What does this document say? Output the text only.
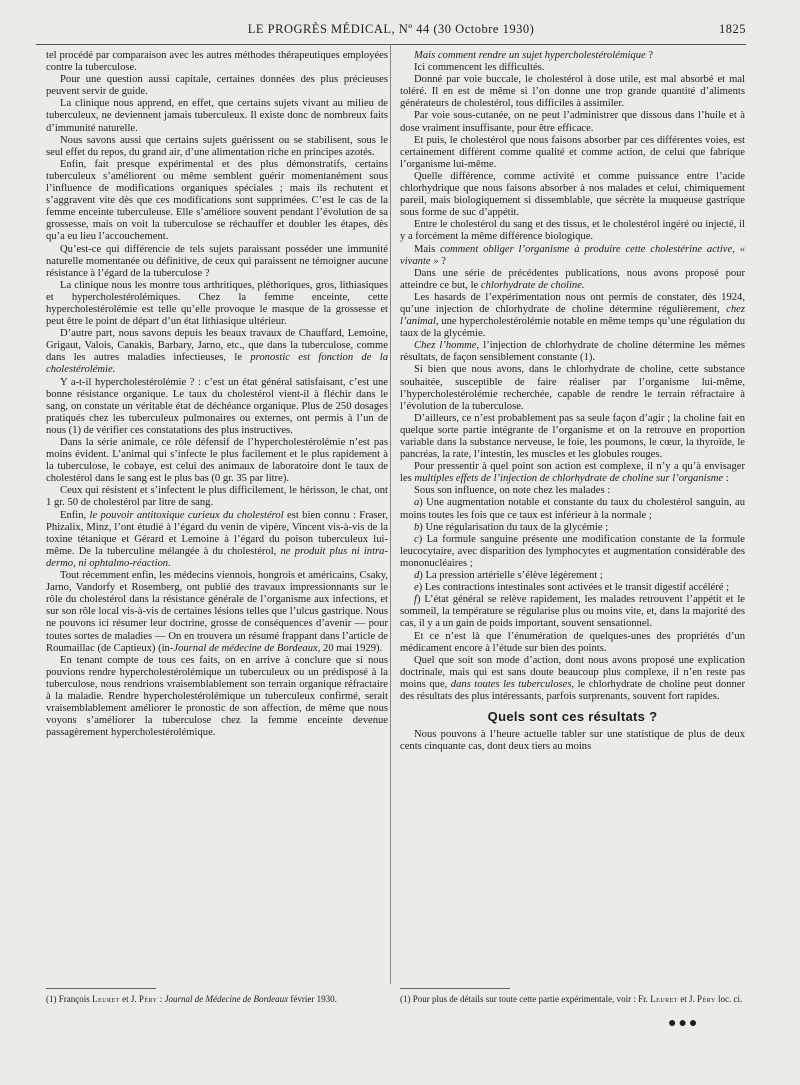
LE PROGRÈS MÉDICAL, Nº 44 (30 Octobre 1930)	1825

tel procédé par comparaison avec les autres méthodes thérapeutiques employées contre la tuberculose.

Pour une question aussi capitale, certaines données des plus précieuses peuvent servir de guide.

La clinique nous apprend, en effet, que certains sujets vivant au milieu de tuberculeux, ne deviennent jamais tuberculeux. Il existe donc de nombreux faits d’immunité naturelle.

Nous savons aussi que certains sujets guérissent ou se stabilisent, sous le seul effet du repos, du grand air, d’une alimentation riche en principes azotés.

Enfin, fait presque expérimental et des plus démonstratifs, certains tuberculeux s’améliorent ou même semblent guérir momentanément sous l’influence de modifications organiques spéciales ; mais ils rechutent et s’aggravent vite dès que ces modifications sont supprimées. C’est le cas de la femme enceinte tuberculeuse. Elle s’améliore souvent pendant l’évolution de sa grossesse, mais on voit la tuberculose se réchauffer et doubler les étapes, dès qu’a eu lieu l’accouchement.

Qu’est-ce qui différencie de tels sujets paraissant posséder une immunité naturelle momentanée ou définitive, de ceux qui paraissent ne témoigner aucune résistance à l’égard de la tuberculose ?

La clinique nous les montre tous arthritiques, pléthoriques, gros, lithiasiques et hypercholestérolémiques. Chez la femme enceinte, cette hypercholestérolémie est telle qu’elle provoque le masque de la grossesse et peut être le point de départ d’un état lithiasique ultérieur.

D’autre part, nous savons depuis les beaux travaux de Chauffard, Lemoine, Grigaut, Valois, Canakis, Barbary, Jarno, etc., que dans la tuberculose, comme dans les autres maladies infectieuses, le pronostic est fonction de la cholestérolémie.

Y a-t-il hypercholestérolémie ? : c’est un état général satisfaisant, c’est une bonne résistance organique. Le taux du cholestérol vient-il à fléchir dans le sang, on constate un véritable état de déchéance organique. Plus de 250 dosages pratiqués chez les tuberculeux pulmonaires ou externes, ont permis à l’un de nous (1) de vérifier ces constatations des plus instructives.

Dans la série animale, ce rôle défensif de l’hypercholestérolémie n’est pas moins évident. L’animal qui s’infecte le plus facilement et le plus rapidement à la tuberculose, le cobaye, est celui des animaux de laboratoire dont le taux de cholestérol dans le sang est le plus bas (0 gr. 35 par litre).

Ceux qui résistent et s’infectent le plus difficilement, le hérisson, le chat, ont 1 gr. 50 de cholestérol par litre de sang.

Enfin, le pouvoir antitoxique curieux du cholestérol est bien connu : Fraser, Phizalix, Minz, l’ont étudié à l’égard du venin de vipère, Vincent vis-à-vis de la toxine tétanique et Gérard et Lemoine à l’égard du poison tuberculeux lui-même. De la tuberculine mélangée à du cholestérol, ne produit plus ni intra-dermo, ni ophtalmo-réaction.

Tout récemment enfin, les médecins viennois, hongrois et américains, Csaky, Jarno, Vandorfy et Rosemberg, ont publié des travaux impressionnants sur le rôle du cholestérol dans la résistance générale de l’organisme aux infections, et sur son rôle local vis-à-vis de certaines lésions telles que l’ulcus gastrique. Nous ne pouvons ici résumer leur doctrine, grosse de conséquences d’avenir — pour toutes sortes de maladies — On en trouvera un résumé frappant dans l’article de Roumaillac (de Captieux) (in-Journal de médecine de Bordeaux, 20 mai 1929).

En tenant compte de tous ces faits, on en arrive à conclure que si nous pouvions rendre hypercholestérolémique un tuberculeux ou un prédisposé à la tuberculose, nous rendrions vraisemblablement son terrain organique réfractaire à la maladie. Rendre hypercholestérolémique un tuberculeux confirmé, serait vraisemblablement améliorer le pronostic de son affection, de même que nous voyons s’améliorer la tuberculose chez la femme enceinte devenue passagèrement hypercholestérolémique.

Mais comment rendre un sujet hypercholestérolémique ?

Ici commencent les difficultés.

Donné par voie buccale, le cholestérol à dose utile, est mal absorbé et mal toléré. Il en est de même si l’on donne une trop grande quantité d’aliments générateurs de cholestérol, tous difficiles à assimiler.

Par voie sous-cutanée, on ne peut l’administrer que dissous dans l’huile et à dose vraiment insuffisante, pour être efficace.

Et puis, le cholestérol que nous faisons absorber par ces différentes voies, est certainement différent comme qualité et comme action, de celui que fabrique l’organisme lui-même.

Quelle différence, comme activité et comme puissance entre l’acide chlorhydrique que nous faisons absorber à nos malades et celui, chimiquement pareil, mais biologiquement si dissemblable, que sécrète la muqueuse gastrique sous forme de suc d’appétit.

Entre le cholestérol du sang et des tissus, et le cholestérol ingéré ou injecté, il y a forcément la même différence biologique.

Mais comment obliger l’organisme à produire cette cholestérine active, « vivante » ?

Dans une série de précédentes publications, nous avons proposé pour atteindre ce but, le chlorhydrate de choline.

Les hasards de l’expérimentation nous ont permis de constater, dès 1924, qu’une injection de chlorhydrate de choline détermine régulièrement, chez l’animal, une hypercholestérolémie notable en même temps qu’une régulation du taux de la glycémie.

Chez l’homme, l’injection de chlorhydrate de choline détermine les mêmes résultats, de façon sensiblement constante (1).

Si bien que nous avons, dans le chlorhydrate de choline, cette substance souhaitée, susceptible de faire réaliser par l’organisme lui-même, l’hypercholestérolémie recherchée, capable de rendre le terrain réfractaire à l’évolution de la tuberculose.

D’ailleurs, ce n’est probablement pas sa seule façon d’agir ; la choline fait en quelque sorte partie intégrante de l’organisme et on la retrouve en proportion variable dans la substance nerveuse, le foie, les poumons, le cœur, la thyroïde, le pancréas, la rate, l’intestin, les muscles et les globules rouges.

Pour pressentir à quel point son action est complexe, il n’y a qu’à envisager les multiples effets de l’injection de chlorhydrate de choline sur l’organisme :

Sous son influence, on note chez les malades :

a) Une augmentation notable et constante du taux du cholestérol sanguin, au moins toutes les fois que ce taux est inférieur à la normale ;

b) Une régularisation du taux de la glycémie ;

c) La formule sanguine présente une modification constante de la formule leucocytaire, avec disparition des lymphocytes et augmentation considérable des mononucléaires ;

d) La pression artérielle s’élève légèrement ;

e) Les contractions intestinales sont activées et le transit digestif accéléré ;

f) L’état général se relève rapidement, les malades retrouvent l’appétit et le sommeil, la température se régularise plus ou moins vite, et, dans la majorité des cas, il y a un gain de poids important, souvent sensationnel.

Et ce n’est là que l’énumération de quelques-unes des propriétés d’un médicament encore à l’étude sur bien des points.

Quel que soit son mode d’action, dont nous avons proposé une explication doctrinale, mais qui est sans doute beaucoup plus complexe, il n’en reste pas moins que, dans toutes les tuberculoses, le chlorhydrate de choline peut donner des résultats des plus intéressants, parfois surprenants, souvent fort rapides.

Quels sont ces résultats ?

Nous pouvons à l’heure actuelle tabler sur une statistique de plus de deux cents cinquante cas, dont deux tiers au moins

(1) François Leuret et J. Péry : Journal de Médecine de Bordeaux février 1930.	(1) Pour plus de détails sur toute cette partie expérimentale, voir : Fr. Leuret et J. Péry loc. ci.
●●●
